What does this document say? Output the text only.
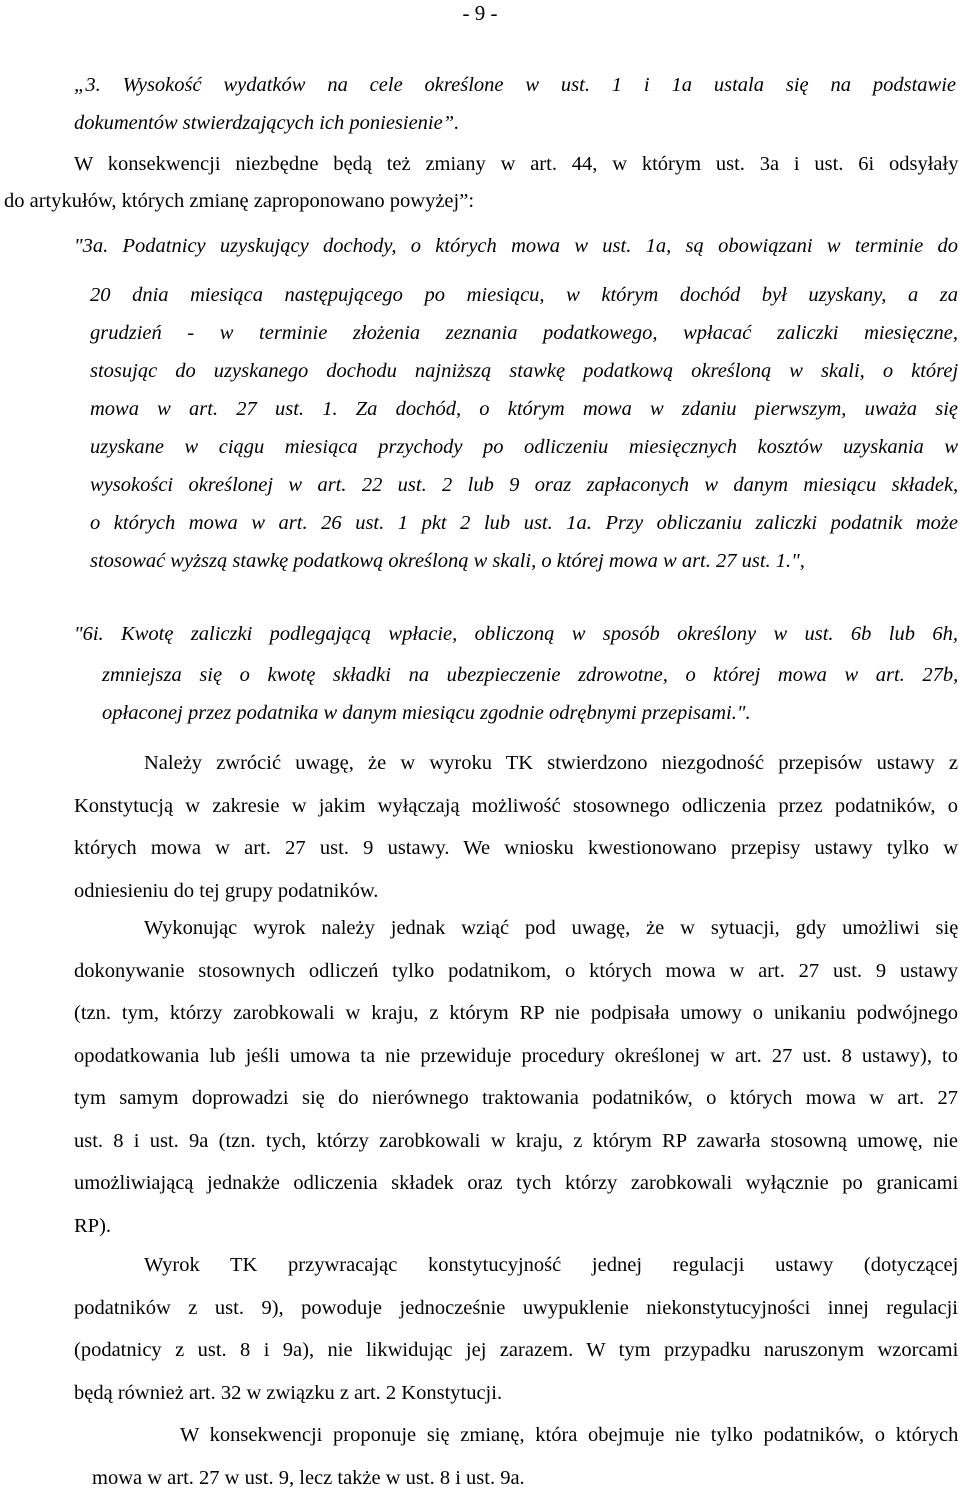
- 9 -
„3. Wysokość wydatków na cele określone w ust. 1 i 1a ustala się na podstawie
dokumentów stwierdzających ich poniesienie”.
W konsekwencji niezbędne będą też zmiany w art. 44, w którym ust. 3a i ust. 6i odsyłały
do artykułów, których zmianę zaproponowano powyżej”:
"3a. Podatnicy uzyskujący dochody, o których mowa w ust. 1a, są obowiązani w terminie do
20 dnia miesiąca następującego po miesiącu, w którym dochód był uzyskany, a za
grudzień - w terminie złożenia zeznania podatkowego, wpłacać zaliczki miesięczne,
stosując do uzyskanego dochodu najniższą stawkę podatkową określoną w skali, o której
mowa w art. 27 ust. 1. Za dochód, o którym mowa w zdaniu pierwszym, uważa się
uzyskane w ciągu miesiąca przychody po odliczeniu miesięcznych kosztów uzyskania w
wysokości określonej w art. 22 ust. 2 lub 9 oraz zapłaconych w danym miesiącu składek,
o których mowa w art. 26 ust. 1 pkt 2 lub ust. 1a. Przy obliczaniu zaliczki podatnik może
stosować wyższą stawkę podatkową określoną w skali, o której mowa w art. 27 ust. 1.",
"6i. Kwotę zaliczki podlegającą wpłacie, obliczoną w sposób określony w ust. 6b lub 6h,
zmniejsza się o kwotę składki na ubezpieczenie zdrowotne, o której mowa w art. 27b,
opłaconej przez podatnika w danym miesiącu zgodnie odrębnymi przepisami.".
Należy zwrócić uwagę, że w wyroku TK stwierdzono niezgodność przepisów ustawy z
Konstytucją w zakresie w jakim wyłączają możliwość stosownego odliczenia przez podatników, o
których mowa w art. 27 ust. 9 ustawy. We wniosku kwestionowano przepisy ustawy tylko w
odniesieniu do tej grupy podatników.
Wykonując wyrok należy jednak wziąć pod uwagę, że w sytuacji, gdy umożliwi się
dokonywanie stosownych odliczeń tylko podatnikom, o których mowa w art. 27 ust. 9 ustawy
(tzn. tym, którzy zarobkowali w kraju, z którym RP nie podpisała umowy o unikaniu podwójnego
opodatkowania lub jeśli umowa ta nie przewiduje procedury określonej w art. 27 ust. 8 ustawy), to
tym samym doprowadzi się do nierównego traktowania podatników, o których mowa w art. 27
ust. 8 i ust. 9a (tzn. tych, którzy zarobkowali w kraju, z którym RP zawarła stosowną umowę, nie
umożliwiającą jednakże odliczenia składek oraz tych którzy zarobkowali wyłącznie po granicami
RP).
Wyrok TK przywracając konstytucyjność jednej regulacji ustawy (dotyczącej
podatników z ust. 9), powoduje jednocześnie uwypuklenie niekonstytucyjności innej regulacji
(podatnicy z ust. 8 i 9a), nie likwidując jej zarazem. W tym przypadku naruszonym wzorcami
będą również art. 32 w związku z art. 2 Konstytucji.
W konsekwencji proponuje się zmianę, która obejmuje nie tylko podatników, o których
mowa w art. 27 w ust. 9, lecz także w ust. 8 i ust. 9a.
